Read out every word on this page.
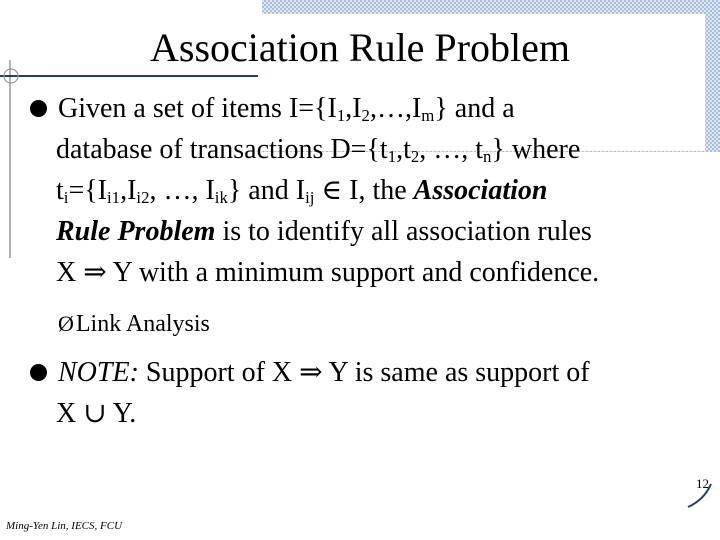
Association Rule Problem
Given a set of items $I=\{I_1,I_2,\dots,I_m\}$ and a
database of transactions $D=\{t_1,t_2$, …, $t_n$} where
$t_i=\{I_{i1},I_{i2}$, …, $I_{ik}$} and $I_{ij}$ ∈ I, the Association
Rule Problem is to identify all association rules
X ⇒ Y with a minimum support and confidence.
ØLink Analysis
NOTE: Support of X ⇒ Y is same as support of
X ∪ Y.
Ming-Yen Lin, IECS, FCU
12
